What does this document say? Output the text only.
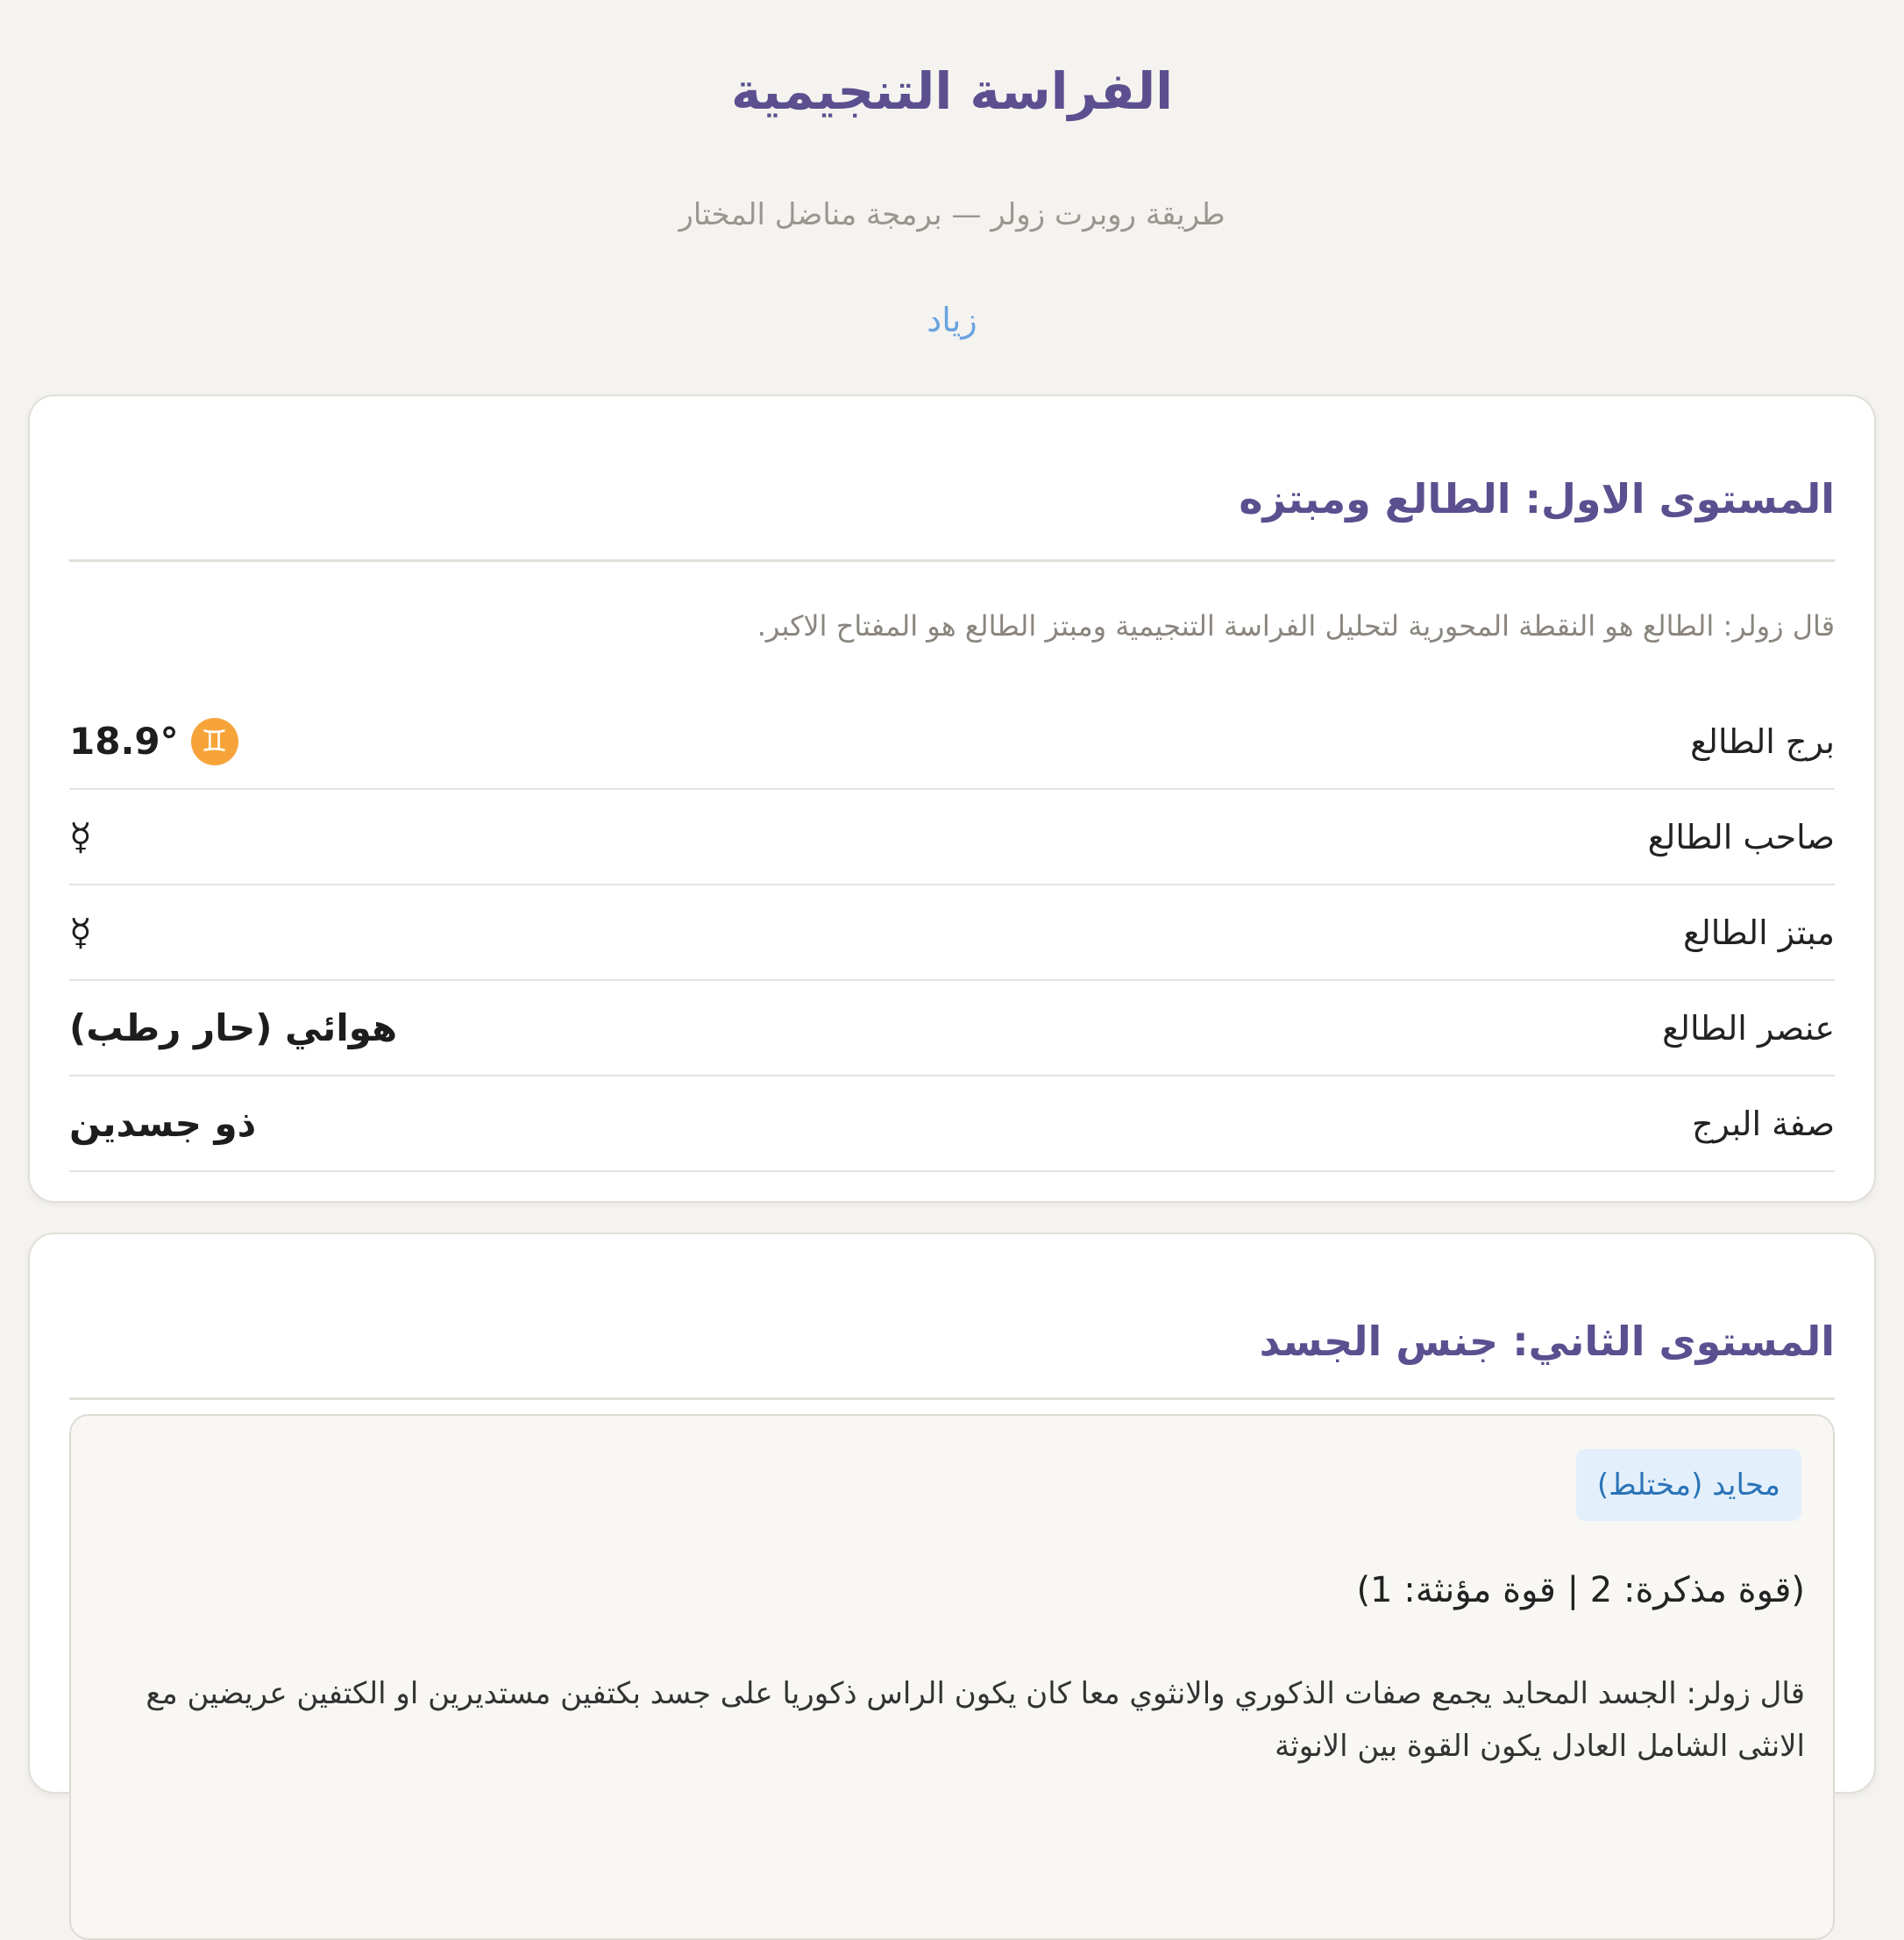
الفراسة التنجيمية
طريقة روبرت زولر — برمجة مناضل المختار
زياد
المستوى الاول: الطالع ومبتزه
قال زولر: الطالع هو النقطة المحورية لتحليل الفراسة التنجيمية ومبتز الطالع هو المفتاح الاكبر.
برج الطالع
♊
18.9°
صاحب الطالع
☿
مبتز الطالع
☿
عنصر الطالع
هوائي (حار رطب)
صفة البرج
ذو جسدين
المستوى الثاني: جنس الجسد
محايد (مختلط)
(قوة مذكرة: 2 | قوة مؤنثة: 1)
قال زولر: الجسد المحايد يجمع صفات الذكوري والانثوي معا كان يكون الراس ذكوريا على جسد بكتفين مستديرين او الكتفين عريضين مع الانثى الشامل العادل يكون القوة بين الانوثة
